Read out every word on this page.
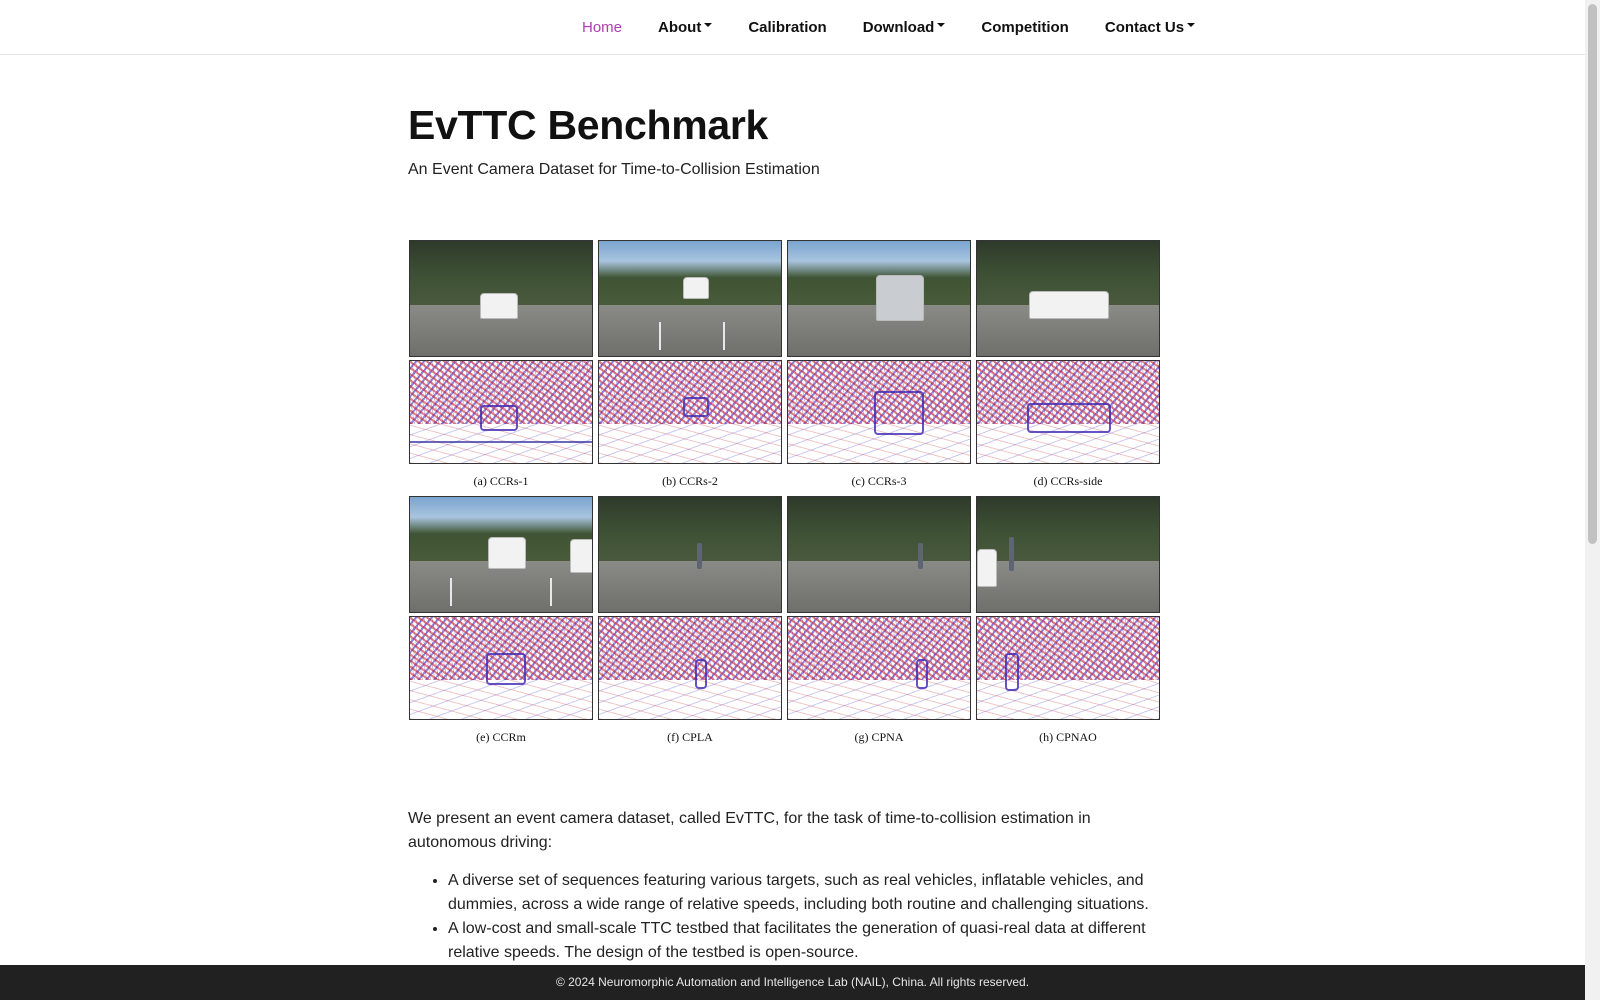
Home About	Calibration Download	Competition Contact Us
EvTTC Benchmark

An Event Camera Dataset for Time-to-Collision Estimation

(a) CCRs-1	(b) CCRs-2	(c) CCRs-3	(d) CCRs-side
(e) CCRm	(f) CPLA	(g) CPNA	(h) CPNAO

We present an event camera dataset, called EvTTC, for the task of time-to-collision estimation in autonomous driving:

• A diverse set of sequences featuring various targets, such as real vehicles, inflatable vehicles, and dummies, across a wide range of relative speeds, including both routine and challenging situations.
• A low-cost and small-scale TTC testbed that facilitates the generation of quasi-real data at different relative speeds. The design of the testbed is open-source.
© 2024 Neuromorphic Automation and Intelligence Lab (NAIL), China. All rights reserved.
